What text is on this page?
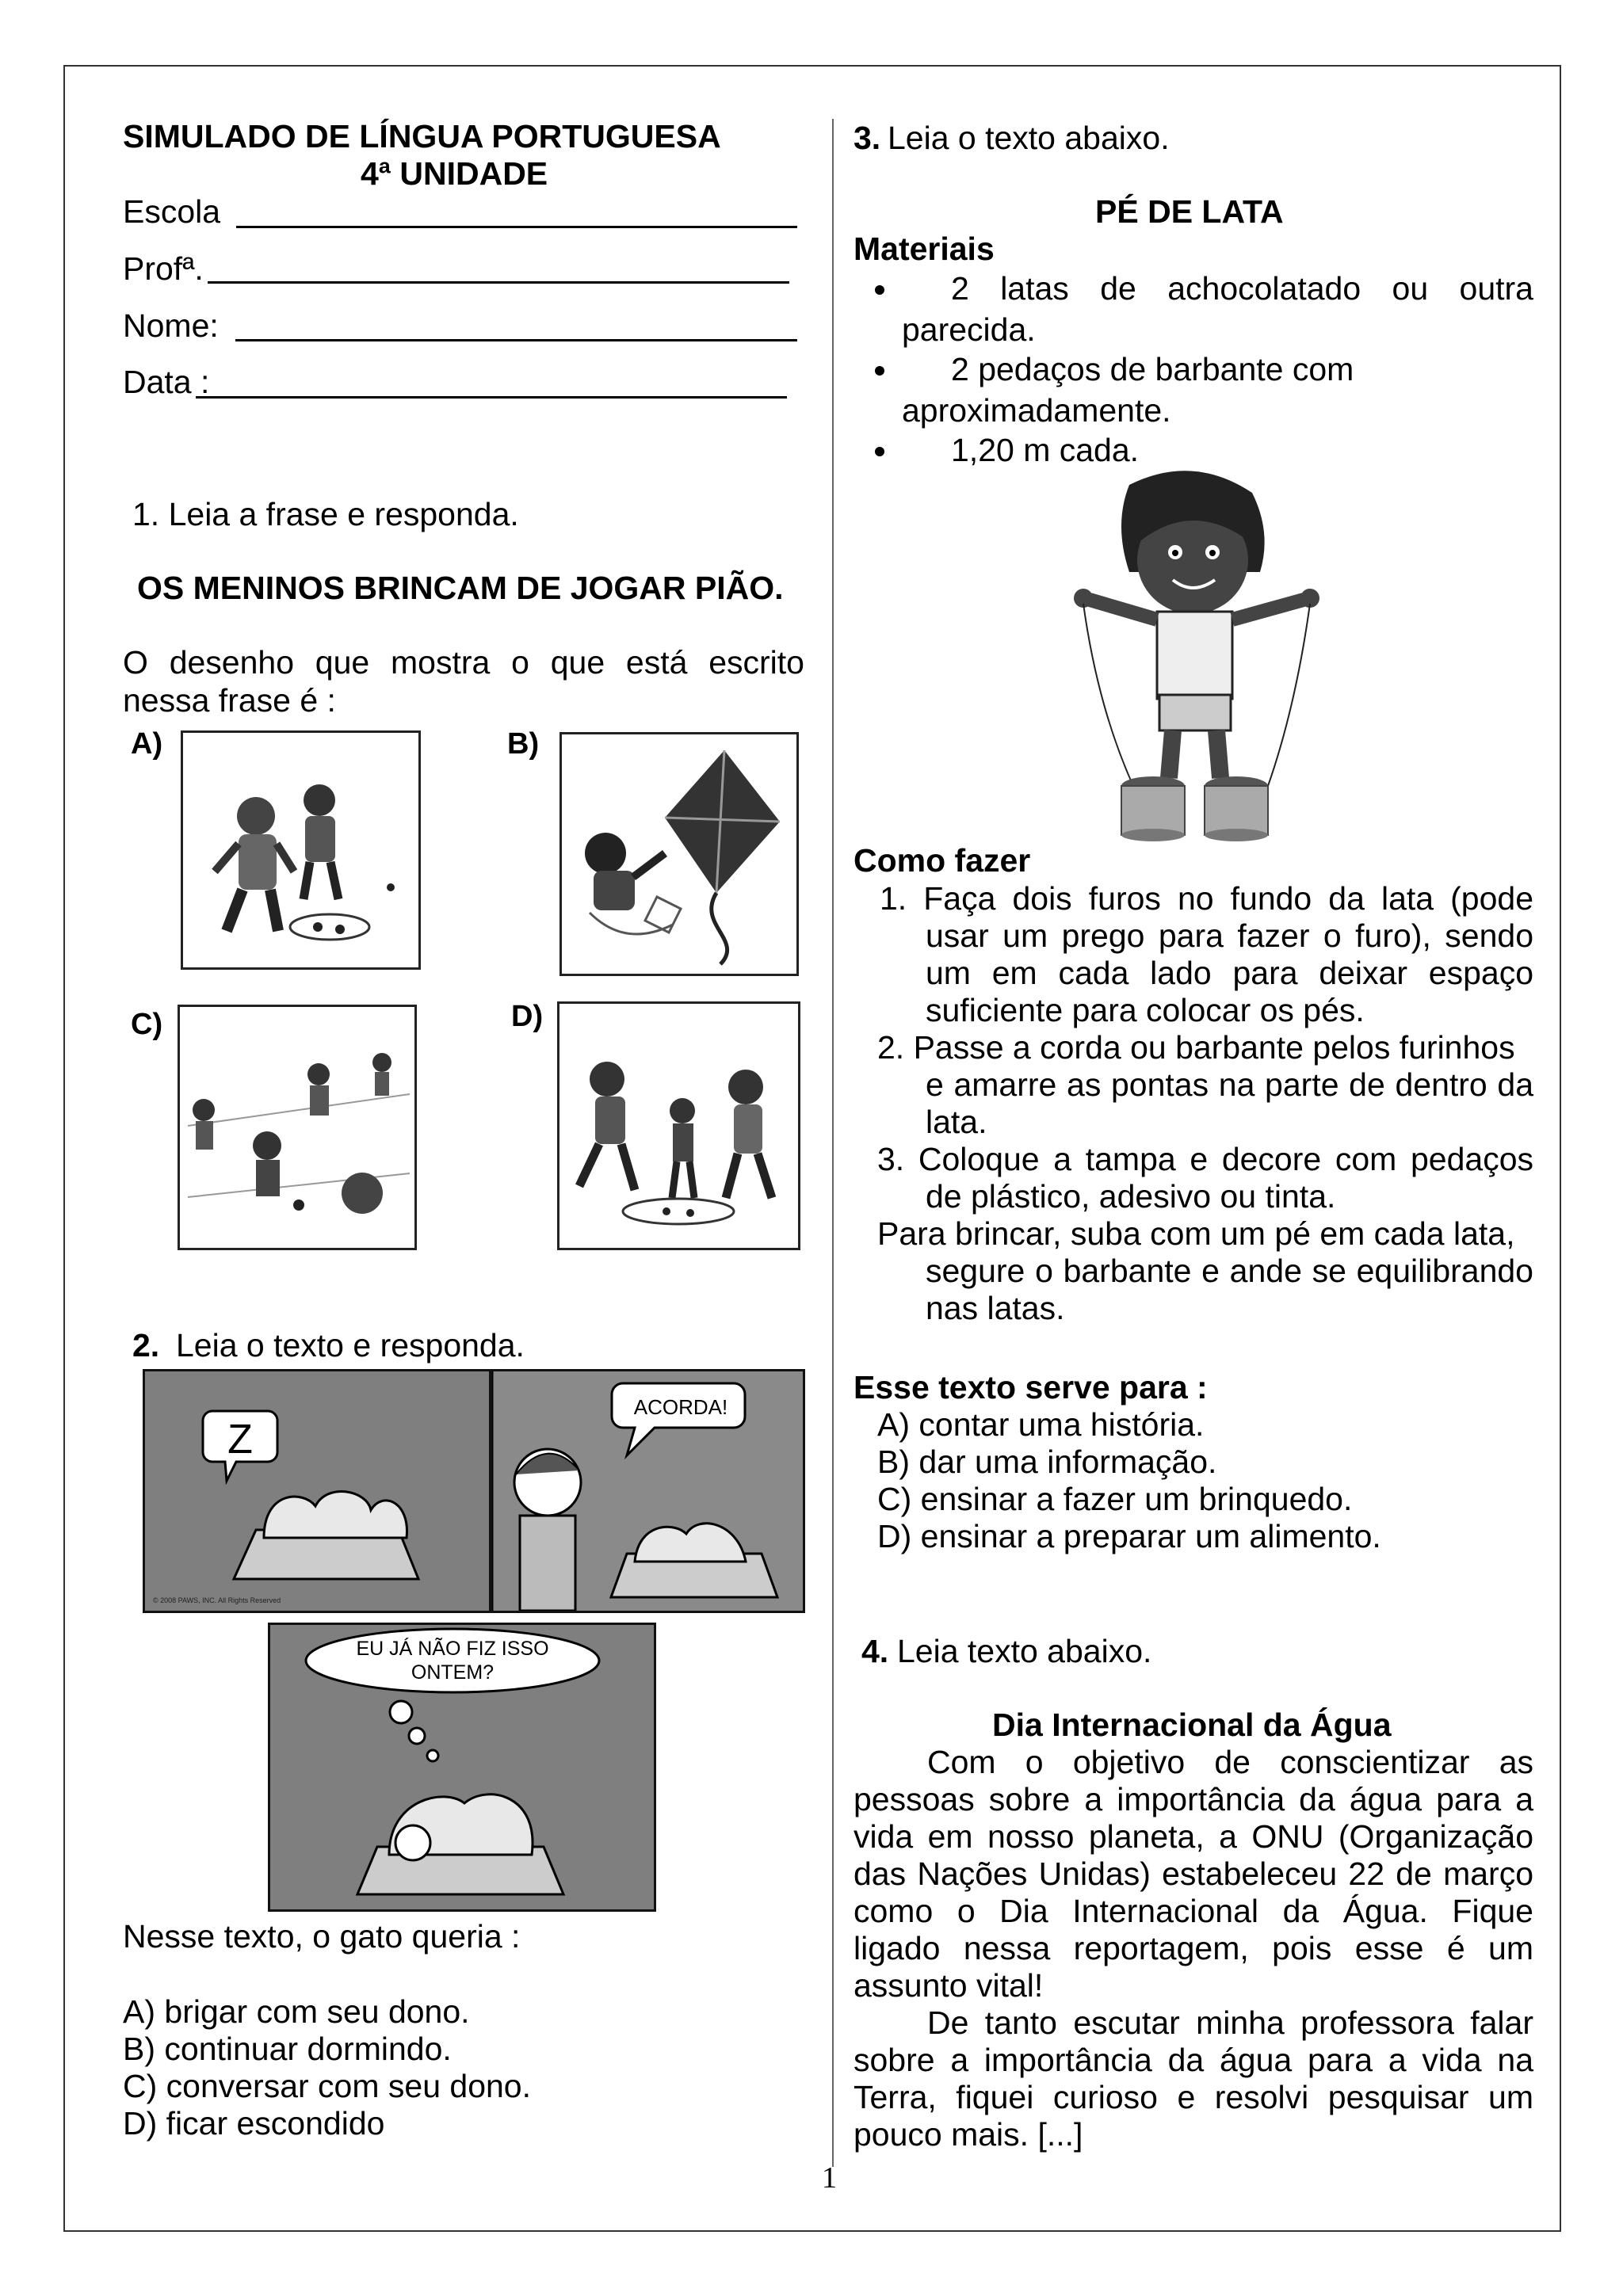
SIMULADO DE LÍNGUA PORTUGUESA
4ª UNIDADE
Escola
Profª.
Nome:
Data :
1. Leia a frase e responda.
OS MENINOS BRINCAM DE JOGAR PIÃO.
O desenho que mostra o que está escrito
nessa frase é :
A)	B)
C)	D)
2. Leia o texto e responda.
Z
© 2008 PAWS, INC. All Rights Reserved
ACORDA!
EU JÁ NÃO FIZ ISSO
ONTEM?
Nesse texto, o gato queria :
A) brigar com seu dono.
B) continuar dormindo.
C) conversar com seu dono.
D) ficar escondido
3. Leia o texto abaixo.
PÉ DE LATA
Materiais
2 latas de achocolatado ou outra
parecida.
2 pedaços de barbante com
aproximadamente.
1,20 m cada.
Como fazer
1. Faça dois furos no fundo da lata (pode
usar um prego para fazer o furo), sendo
um em cada lado para deixar espaço
suficiente para colocar os pés.
2. Passe a corda ou barbante pelos furinhos
e amarre as pontas na parte de dentro da
lata.
3. Coloque a tampa e decore com pedaços
de plástico, adesivo ou tinta.
Para brincar, suba com um pé em cada lata,
segure o barbante e ande se equilibrando
nas latas.
Esse texto serve para :
A) contar uma história.
B) dar uma informação.
C) ensinar a fazer um brinquedo.
D) ensinar a preparar um alimento.
4. Leia texto abaixo.
Dia Internacional da Água
Com o objetivo de conscientizar as
pessoas sobre a importância da água para a
vida em nosso planeta, a ONU (Organização
das Nações Unidas) estabeleceu 22 de março
como o Dia Internacional da Água. Fique
ligado nessa reportagem, pois esse é um
assunto vital!
De tanto escutar minha professora falar
sobre a importância da água para a vida na
Terra, fiquei curioso e resolvi pesquisar um
pouco mais. [...]
1
